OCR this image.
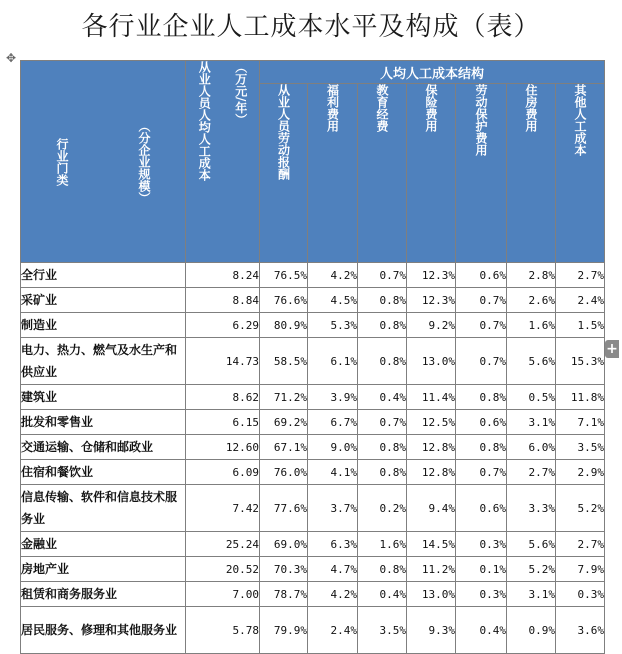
各行业企业人工成本水平及构成（表）
✥
+
行业门类 （分企业规模）	从业人员人均人工成本 （万元/年）	人均人工成本结构						

		从业人员劳动报酬	福利费用	教育经费	保险费用	劳动保护费用	住房费用	其他人工成本

全行业	8.24	76.5%	4.2%	0.7%	12.3%	0.6%	2.8%	2.7%
采矿业	8.84	76.6%	4.5%	0.8%	12.3%	0.7%	2.6%	2.4%
制造业	6.29	80.9%	5.3%	0.8%	9.2%	0.7%	1.6%	1.5%
电力、热力、燃气及水生产和供应业	14.73	58.5%	6.1%	0.8%	13.0%	0.7%	5.6%	15.3%
建筑业	8.62	71.2%	3.9%	0.4%	11.4%	0.8%	0.5%	11.8%
批发和零售业	6.15	69.2%	6.7%	0.7%	12.5%	0.6%	3.1%	7.1%
交通运输、仓储和邮政业	12.60	67.1%	9.0%	0.8%	12.8%	0.8%	6.0%	3.5%
住宿和餐饮业	6.09	76.0%	4.1%	0.8%	12.8%	0.7%	2.7%	2.9%
信息传输、软件和信息技术服务业	7.42	77.6%	3.7%	0.2%	9.4%	0.6%	3.3%	5.2%
金融业	25.24	69.0%	6.3%	1.6%	14.5%	0.3%	5.6%	2.7%
房地产业	20.52	70.3%	4.7%	0.8%	11.2%	0.1%	5.2%	7.9%
租赁和商务服务业	7.00	78.7%	4.2%	0.4%	13.0%	0.3%	3.1%	0.3%
居民服务、修理和其他服务业	5.78	79.9%	2.4%	3.5%	9.3%	0.4%	0.9%	3.6%
